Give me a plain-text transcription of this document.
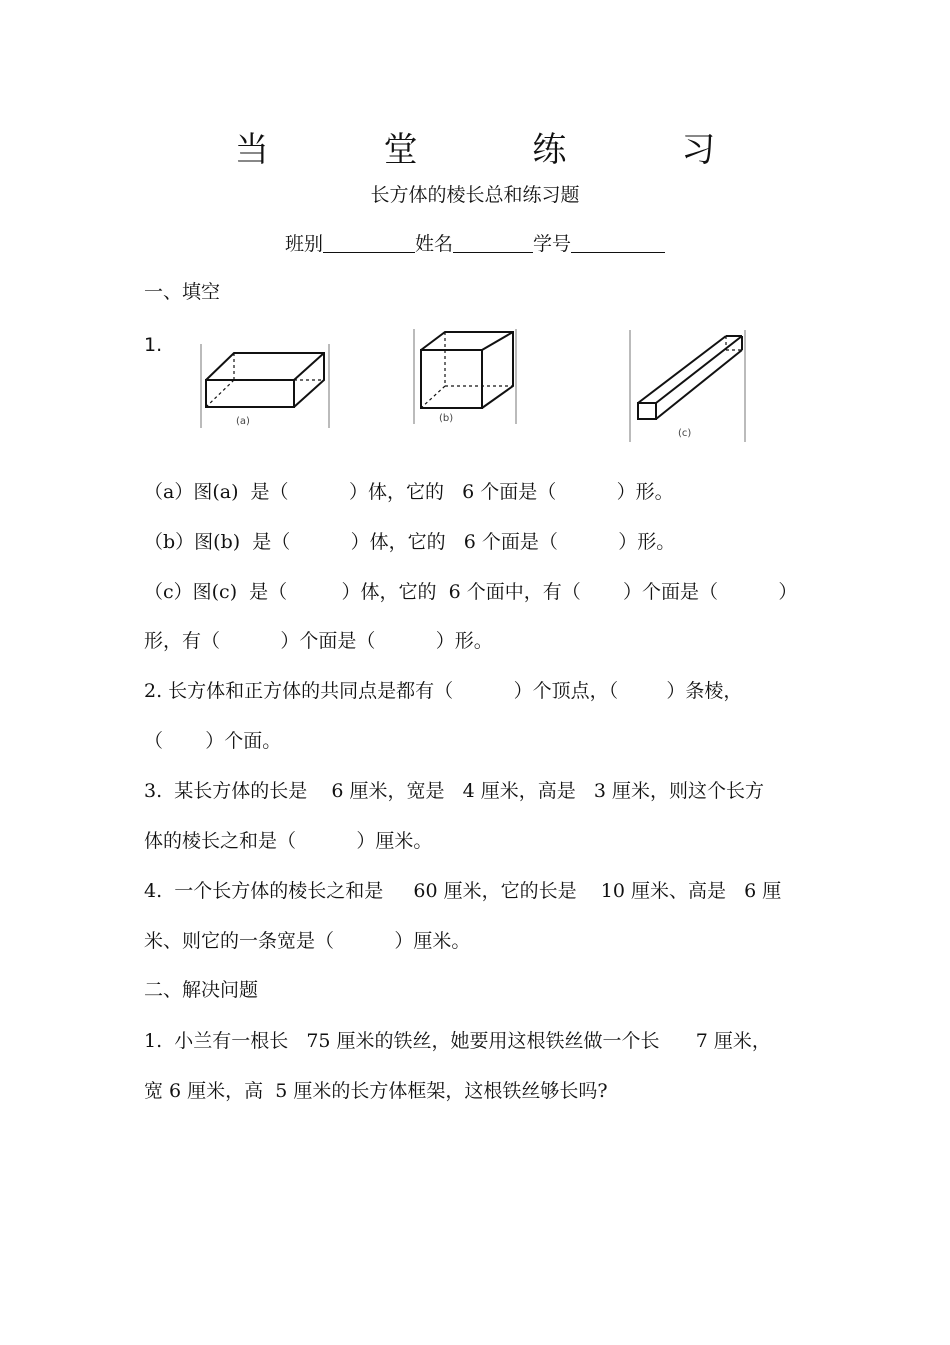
当 堂 练 习
长方体的棱长总和练习题
班别	姓名	学号
一、填空
1.
(a)	(b)
(c)
（a）图(a)  是（          ）体，它的   6 个面是（          ）形。
（b）图(b)  是（          ）体，它的   6 个面是（          ）形。
（c）图(c)  是（         ）体，它的  6 个面中，有（       ）个面是（          ）
形，有（          ）个面是（          ）形。
2. 长方体和正方体的共同点是都有（          ）个顶点，（        ）条棱，
（       ）个面。
3.  某长方体的长是    6 厘米，宽是   4 厘米，高是   3 厘米，则这个长方
体的棱长之和是（          ）厘米。
4.  一个长方体的棱长之和是     60 厘米，它的长是    10 厘米、高是   6 厘
米、则它的一条宽是（          ）厘米。
二、解决问题
1.  小兰有一根长   75 厘米的铁丝，她要用这根铁丝做一个长      7 厘米，
宽 6 厘米，高  5 厘米的长方体框架，这根铁丝够长吗?
